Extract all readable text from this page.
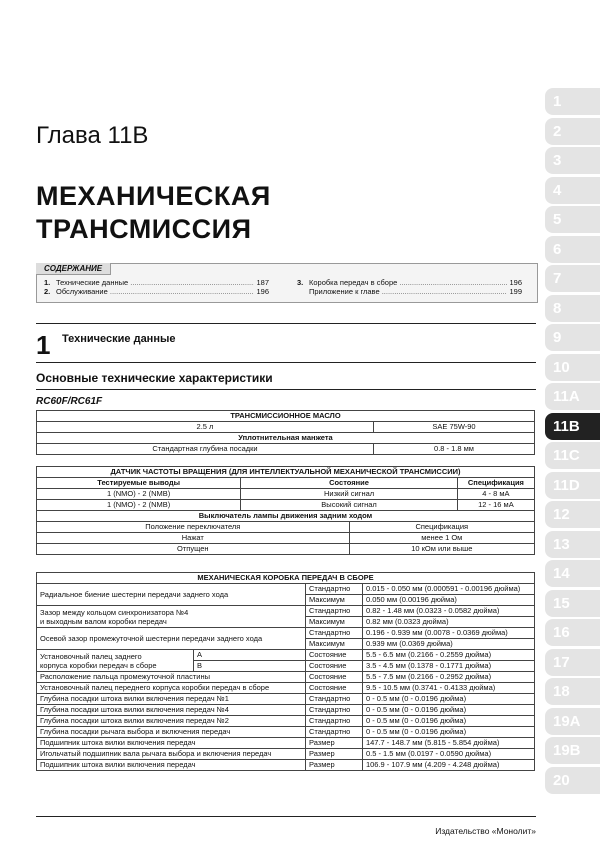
Глава 11В
МЕХАНИЧЕСКАЯ
ТРАНСМИССИЯ
СОДЕРЖАНИЕ
1. Технические данные .....	187
2. Обслуживание .....	196
3. Коробка передач в сборе .....	196
Приложение к главе .....	199
1 Технические данные
Основные технические характеристики
RC60F/RC61F
ТРАНСМИССИОННОЕ МАСЛО	
2.5 л	SAE 75W-90
Уплотнительная манжета	
Стандартная глубина посадки	0.8 - 1.8 мм
ДАТЧИК ЧАСТОТЫ ВРАЩЕНИЯ (ДЛЯ ИНТЕЛЛЕКТУАЛЬНОЙ МЕХАНИЧЕСКОЙ ТРАНСМИССИИ)			
Тестируемые выводы	Состояние		Спецификация
1 (NMO) - 2 (NMB)	Низкий сигнал		4 - 8 мА
1 (NMO) - 2 (NMB)	Высокий сигнал		12 - 16 мА
Выключатель лампы движения задним ходом			
Положение переключателя		Спецификация	
Нажат		менее 1 Ом	
Отпущен		10 кОм или выше	
МЕХАНИЧЕСКАЯ КОРОБКА ПЕРЕДАЧ В СБОРЕ			
Радиальное биение шестерни передачи заднего хода		Стандартно	0.015 - 0.050 мм (0.000591 - 0.00196 дюйма)
		Максимум	0.050 мм (0.00196 дюйма)

Зазор между кольцом синхронизатора №4
и выходным валом коробки передач		Стандартно	0.82 - 1.48 мм (0.0323 - 0.0582 дюйма)
		Максимум	0.82 мм (0.0323 дюйма)
Осевой зазор промежуточной шестерни передачи заднего хода		Стандартно	0.196 - 0.939 мм (0.0078 - 0.0369 дюйма)
		Максимум	0.939 мм (0.0369 дюйма)

Установочный палец заднего
корпуса коробки передач в сборе	A	Состояние	5.5 - 6.5 мм (0.2166 - 0.2559 дюйма)
	B	Состояние	3.5 - 4.5 мм (0.1378 - 0.1771 дюйма)
Расположение пальца промежуточной пластины		Состояние	5.5 - 7.5 мм (0.2166 - 0.2952 дюйма)
Установочный палец переднего корпуса коробки передач в сборе		Состояние	9.5 - 10.5 мм (0.3741 - 0.4133 дюйма)
Глубина посадки штока вилки включения передач №1		Стандартно	0 - 0.5 мм (0 - 0.0196 дюйма)
Глубина посадки штока вилки включения передач №4		Стандартно	0 - 0.5 мм (0 - 0.0196 дюйма)
Глубина посадки штока вилки включения передач №2		Стандартно	0 - 0.5 мм (0 - 0.0196 дюйма)
Глубина посадки рычага выбора и включения передач		Стандартно	0 - 0.5 мм (0 - 0.0196 дюйма)
Подшипник штока вилки включения передач		Размер	147.7 - 148.7 мм (5.815 - 5.854 дюйма)
Игольчатый подшипник вала рычага выбора и включения передач		Размер	0.5 - 1.5 мм (0.0197 - 0.0590 дюйма)
Подшипник штока вилки включения передач		Размер	106.9 - 107.9 мм (4.209 - 4.248 дюйма)
Издательство «Монолит»
1
2
3
4
5
6
7
8
9
10
11A
11B
11C
11D
12
13
14
15
16
17
18
19A
19B
20
